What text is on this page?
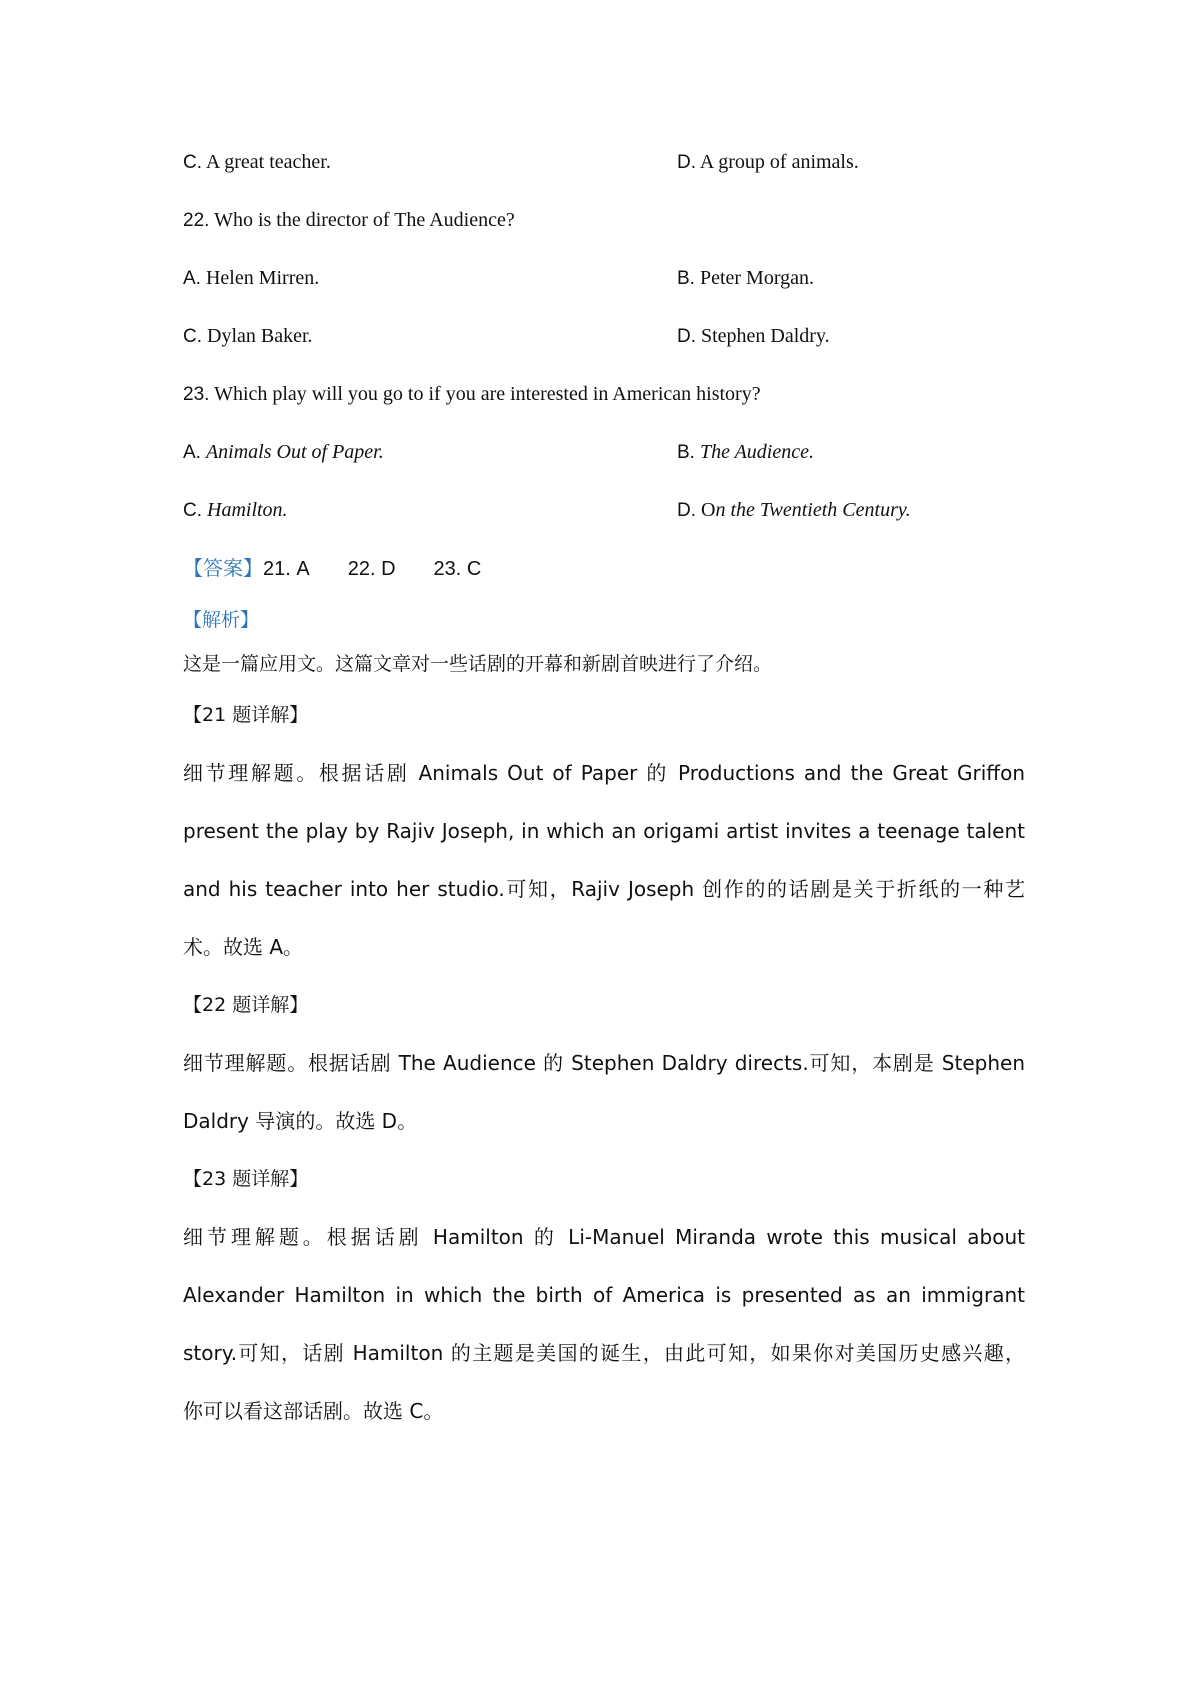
C. A great teacher.	D. A group of animals.
22. Who is the director of The Audience?
A. Helen Mirren.	B. Peter Morgan.
C. Dylan Baker.	D. Stephen Daldry.
23. Which play will you go to if you are interested in American history?
A. Animals Out of Paper.	B. The Audience.
C. Hamilton.	D. On the Twentieth Century.
【答案】21. A 22. D 23. C
【解析】
这是一篇应用文。这篇文章对一些话剧的开幕和新剧首映进行了介绍。
【21 题详解】
细节理解题。根据话剧 Animals Out of Paper 的 Productions and the Great Griffon
present the play by Rajiv Joseph, in which an origami artist invites a teenage talent
and his teacher into her studio.可知，Rajiv Joseph 创作的的话剧是关于折纸的一种艺
术。故选 A。
【22 题详解】
细节理解题。根据话剧 The Audience 的 Stephen Daldry directs.可知，本剧是 Stephen
Daldry 导演的。故选 D。
【23 题详解】
细节理解题。根据话剧 Hamilton 的 Li-Manuel Miranda wrote this musical about
Alexander Hamilton in which the birth of America is presented as an immigrant
story.可知，话剧 Hamilton 的主题是美国的诞生，由此可知，如果你对美国历史感兴趣，
你可以看这部话剧。故选 C。
